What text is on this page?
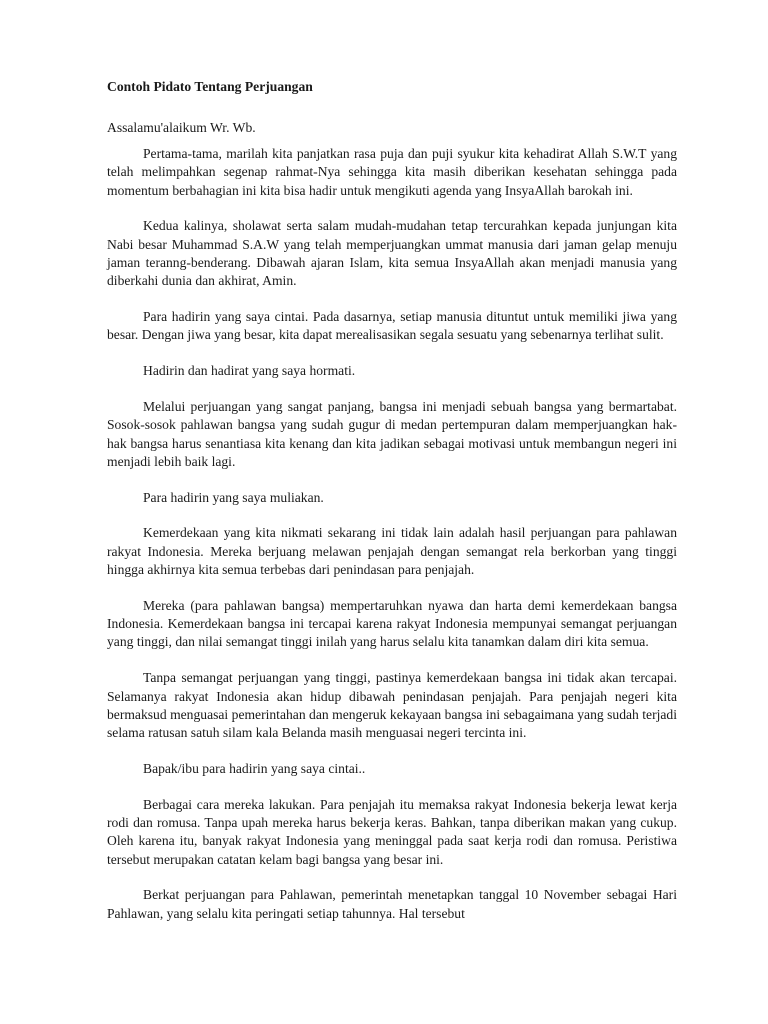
Contoh Pidato Tentang Perjuangan
Assalamu'alaikum Wr. Wb.

Pertama-tama, marilah kita panjatkan rasa puja dan puji syukur kita kehadirat Allah S.W.T yang telah melimpahkan segenap rahmat-Nya sehingga kita masih diberikan kesehatan sehingga pada momentum berbahagian ini kita bisa hadir untuk mengikuti agenda yang InsyaAllah barokah ini.

Kedua kalinya, sholawat serta salam mudah-mudahan tetap tercurahkan kepada junjungan kita Nabi besar Muhammad S.A.W yang telah memperjuangkan ummat manusia dari jaman gelap menuju jaman teranng-benderang. Dibawah ajaran Islam, kita semua InsyaAllah akan menjadi manusia yang diberkahi dunia dan akhirat, Amin.

Para hadirin yang saya cintai. Pada dasarnya, setiap manusia dituntut untuk memiliki jiwa yang besar. Dengan jiwa yang besar, kita dapat merealisasikan segala sesuatu yang sebenarnya terlihat sulit.

Hadirin dan hadirat yang saya hormati.

Melalui perjuangan yang sangat panjang, bangsa ini menjadi sebuah bangsa yang bermartabat. Sosok-sosok pahlawan bangsa yang sudah gugur di medan pertempuran dalam memperjuangkan hak-hak bangsa harus senantiasa kita kenang dan kita jadikan sebagai motivasi untuk membangun negeri ini menjadi lebih baik lagi.

Para hadirin yang saya muliakan.

Kemerdekaan yang kita nikmati sekarang ini tidak lain adalah hasil perjuangan para pahlawan rakyat Indonesia. Mereka berjuang melawan penjajah dengan semangat rela berkorban yang tinggi hingga akhirnya kita semua terbebas dari penindasan para penjajah.

Mereka (para pahlawan bangsa) mempertaruhkan nyawa dan harta demi kemerdekaan bangsa Indonesia. Kemerdekaan bangsa ini tercapai karena rakyat Indonesia mempunyai semangat perjuangan yang tinggi, dan nilai semangat tinggi inilah yang harus selalu kita tanamkan dalam diri kita semua.

Tanpa semangat perjuangan yang tinggi, pastinya kemerdekaan bangsa ini tidak akan tercapai. Selamanya rakyat Indonesia akan hidup dibawah penindasan penjajah. Para penjajah negeri kita bermaksud menguasai pemerintahan dan mengeruk kekayaan bangsa ini sebagaimana yang sudah terjadi selama ratusan satuh silam kala Belanda masih menguasai negeri tercinta ini.

Bapak/ibu para hadirin yang saya cintai..

Berbagai cara mereka lakukan. Para penjajah itu memaksa rakyat Indonesia bekerja lewat kerja rodi dan romusa. Tanpa upah mereka harus bekerja keras. Bahkan, tanpa diberikan makan yang cukup. Oleh karena itu, banyak rakyat Indonesia yang meninggal pada saat kerja rodi dan romusa. Peristiwa tersebut merupakan catatan kelam bagi bangsa yang besar ini.

Berkat perjuangan para Pahlawan, pemerintah menetapkan tanggal 10 November sebagai Hari Pahlawan, yang selalu kita peringati setiap tahunnya. Hal tersebut
